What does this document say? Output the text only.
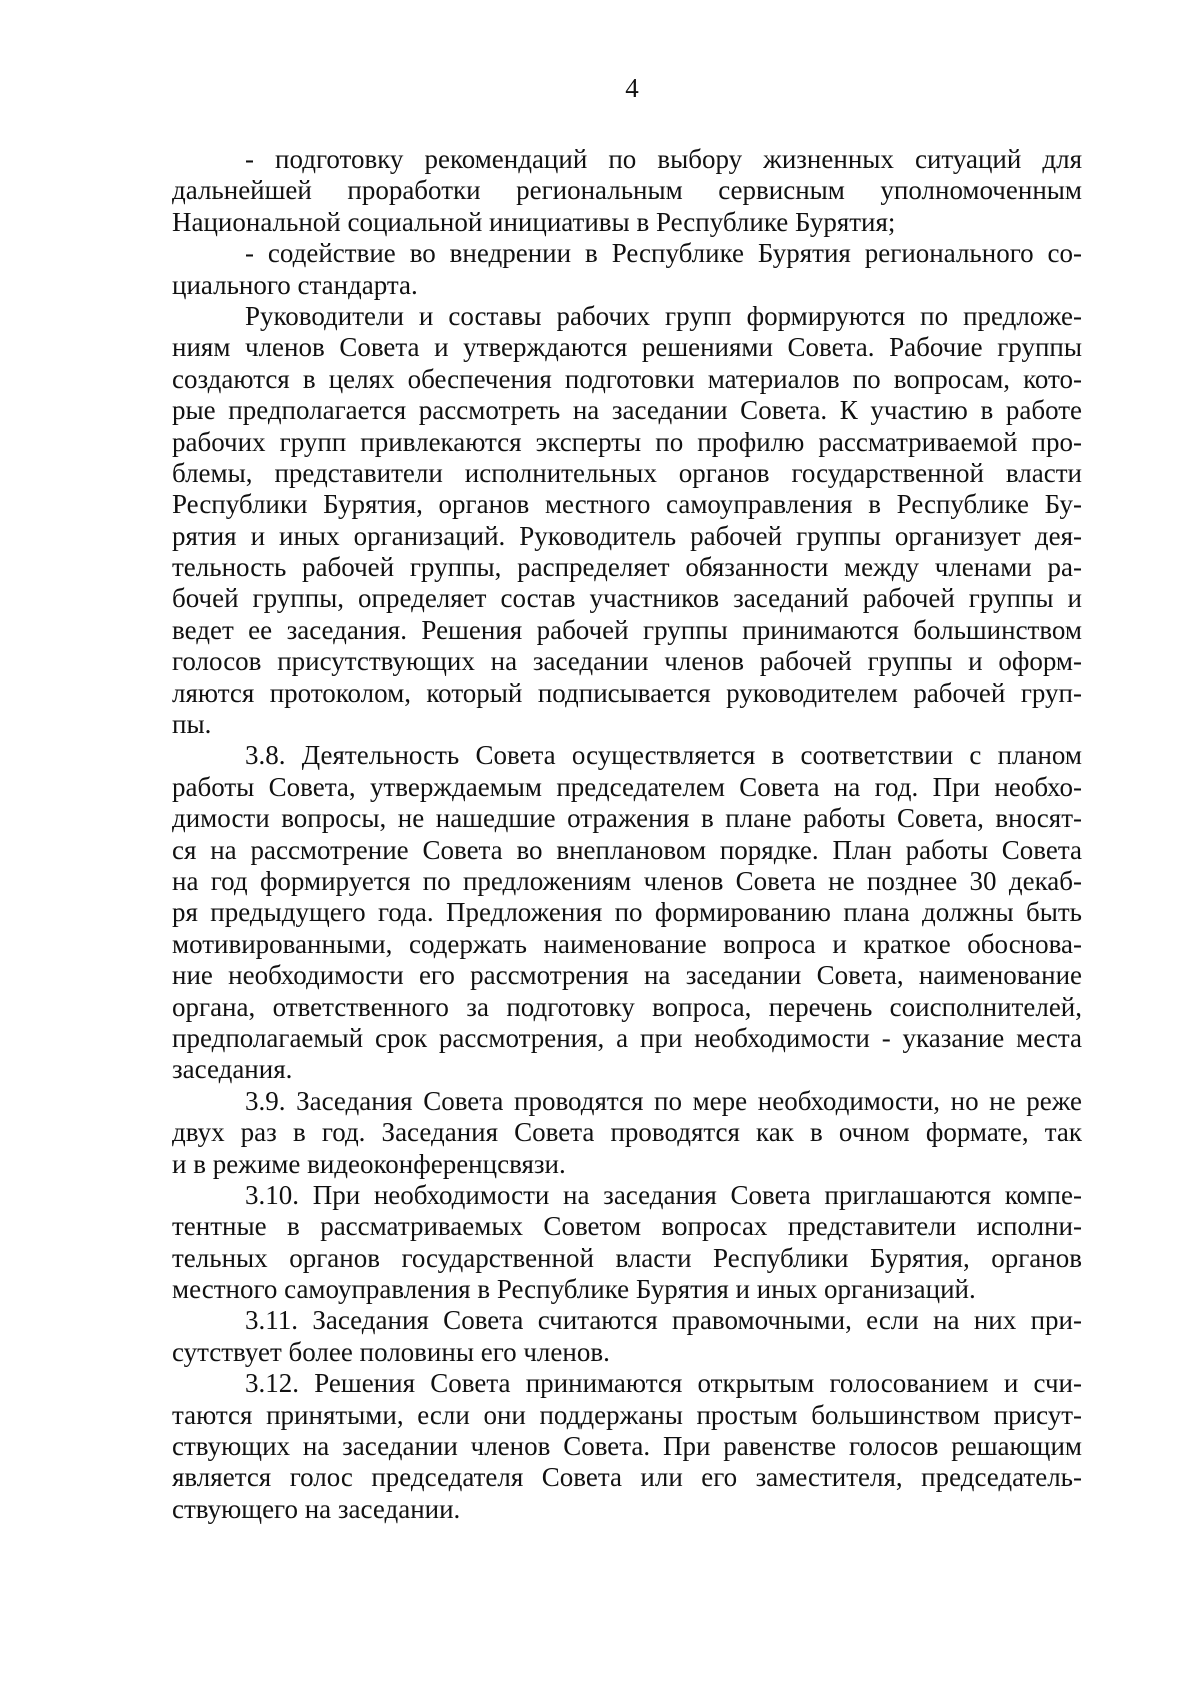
4
- подготовку рекомендаций по выбору жизненных ситуаций для
дальнейшей проработки региональным сервисным уполномоченным
Национальной социальной инициативы в Республике Бурятия;
- содействие во внедрении в Республике Бурятия регионального со-
циального стандарта.
Руководители и составы рабочих групп формируются по предложе-
ниям членов Совета и утверждаются решениями Совета. Рабочие группы
создаются в целях обеспечения подготовки материалов по вопросам, кото-
рые предполагается рассмотреть на заседании Совета. К участию в работе
рабочих групп привлекаются эксперты по профилю рассматриваемой про-
блемы, представители исполнительных органов государственной власти
Республики Бурятия, органов местного самоуправления в Республике Бу-
рятия и иных организаций. Руководитель рабочей группы организует дея-
тельность рабочей группы, распределяет обязанности между членами ра-
бочей группы, определяет состав участников заседаний рабочей группы и
ведет ее заседания. Решения рабочей группы принимаются большинством
голосов присутствующих на заседании членов рабочей группы и оформ-
ляются протоколом, который подписывается руководителем рабочей груп-
пы.
3.8. Деятельность Совета осуществляется в соответствии с планом
работы Совета, утверждаемым председателем Совета на год. При необхо-
димости вопросы, не нашедшие отражения в плане работы Совета, вносят-
ся на рассмотрение Совета во внеплановом порядке. План работы Совета
на год формируется по предложениям членов Совета не позднее 30 декаб-
ря предыдущего года. Предложения по формированию плана должны быть
мотивированными, содержать наименование вопроса и краткое обоснова-
ние необходимости его рассмотрения на заседании Совета, наименование
органа, ответственного за подготовку вопроса, перечень соисполнителей,
предполагаемый срок рассмотрения, а при необходимости - указание места
заседания.
3.9. Заседания Совета проводятся по мере необходимости, но не реже
двух раз в год. Заседания Совета проводятся как в очном формате, так
и в режиме видеоконференцсвязи.
3.10. При необходимости на заседания Совета приглашаются компе-
тентные в рассматриваемых Советом вопросах представители исполни-
тельных органов государственной власти Республики Бурятия, органов
местного самоуправления в Республике Бурятия и иных организаций.
3.11. Заседания Совета считаются правомочными, если на них при-
сутствует более половины его членов.
3.12. Решения Совета принимаются открытым голосованием и счи-
таются принятыми, если они поддержаны простым большинством присут-
ствующих на заседании членов Совета. При равенстве голосов решающим
является голос председателя Совета или его заместителя, председатель-
ствующего на заседании.
